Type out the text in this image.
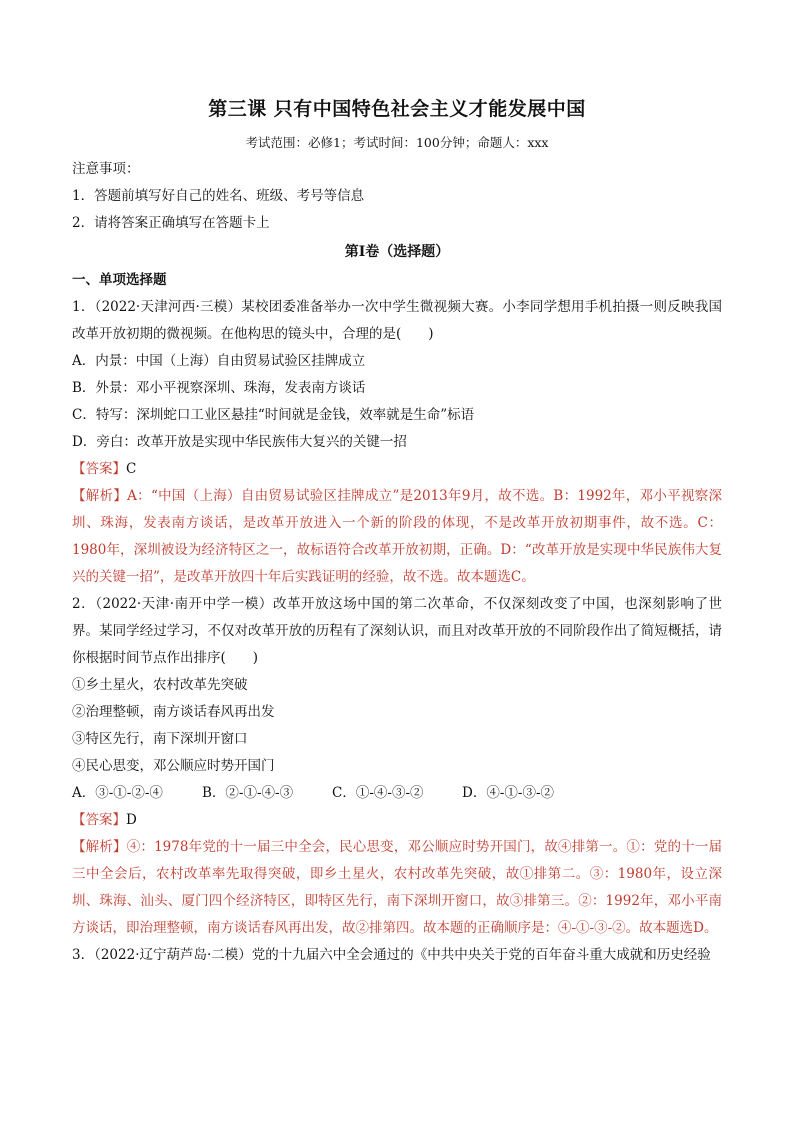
第三课 只有中国特色社会主义才能发展中国
考试范围：必修1；考试时间：100分钟；命题人：xxx
注意事项：
1．答题前填写好自己的姓名、班级、考号等信息
2．请将答案正确填写在答题卡上
第I卷（选择题）
一、单项选择题

1．（2022·天津河西·三模）某校团委准备举办一次中学生微视频大赛。小李同学想用手机拍摄一则反映我国改革开放初期的微视频。在他构思的镜头中，合理的是(　　)

A．内景：中国（上海）自由贸易试验区挂牌成立
B．外景：邓小平视察深圳、珠海，发表南方谈话
C．特写：深圳蛇口工业区悬挂“时间就是金钱，效率就是生命”标语
D．旁白：改革开放是实现中华民族伟大复兴的关键一招
【答案】C

【解析】A：“中国（上海）自由贸易试验区挂牌成立”是2013年9月，故不选。B：1992年，邓小平视察深圳、珠海，发表南方谈话，是改革开放进入一个新的阶段的体现，不是改革开放初期事件，故不选。C：1980年，深圳被设为经济特区之一，故标语符合改革开放初期，正确。D：“改革开放是实现中华民族伟大复兴的关键一招”，是改革开放四十年后实践证明的经验，故不选。故本题选C。

2．（2022·天津·南开中学一模）改革开放这场中国的第二次革命，不仅深刻改变了中国，也深刻影响了世界。某同学经过学习，不仅对改革开放的历程有了深刻认识，而且对改革开放的不同阶段作出了简短概括，请你根据时间节点作出排序(　　)

①乡土星火，农村改革先突破
②治理整顿，南方谈话春风再出发
③特区先行，南下深圳开窗口
④民心思变，邓公顺应时势开国门
A．③-①-②-④	B．②-①-④-③	C．①-④-③-②	D．④-①-③-②
【答案】D

【解析】④：1978年党的十一届三中全会，民心思变，邓公顺应时势开国门，故④排第一。①：党的十一届三中全会后，农村改革率先取得突破，即乡土星火，农村改革先突破，故①排第二。③：1980年，设立深圳、珠海、汕头、厦门四个经济特区，即特区先行，南下深圳开窗口，故③排第三。②：1992年，邓小平南方谈话，即治理整顿，南方谈话春风再出发，故②排第四。故本题的正确顺序是：④-①-③-②。故本题选D。

3．（2022·辽宁葫芦岛·二模）党的十九届六中全会通过的《中共中央关于党的百年奋斗重大成就和历史经验
